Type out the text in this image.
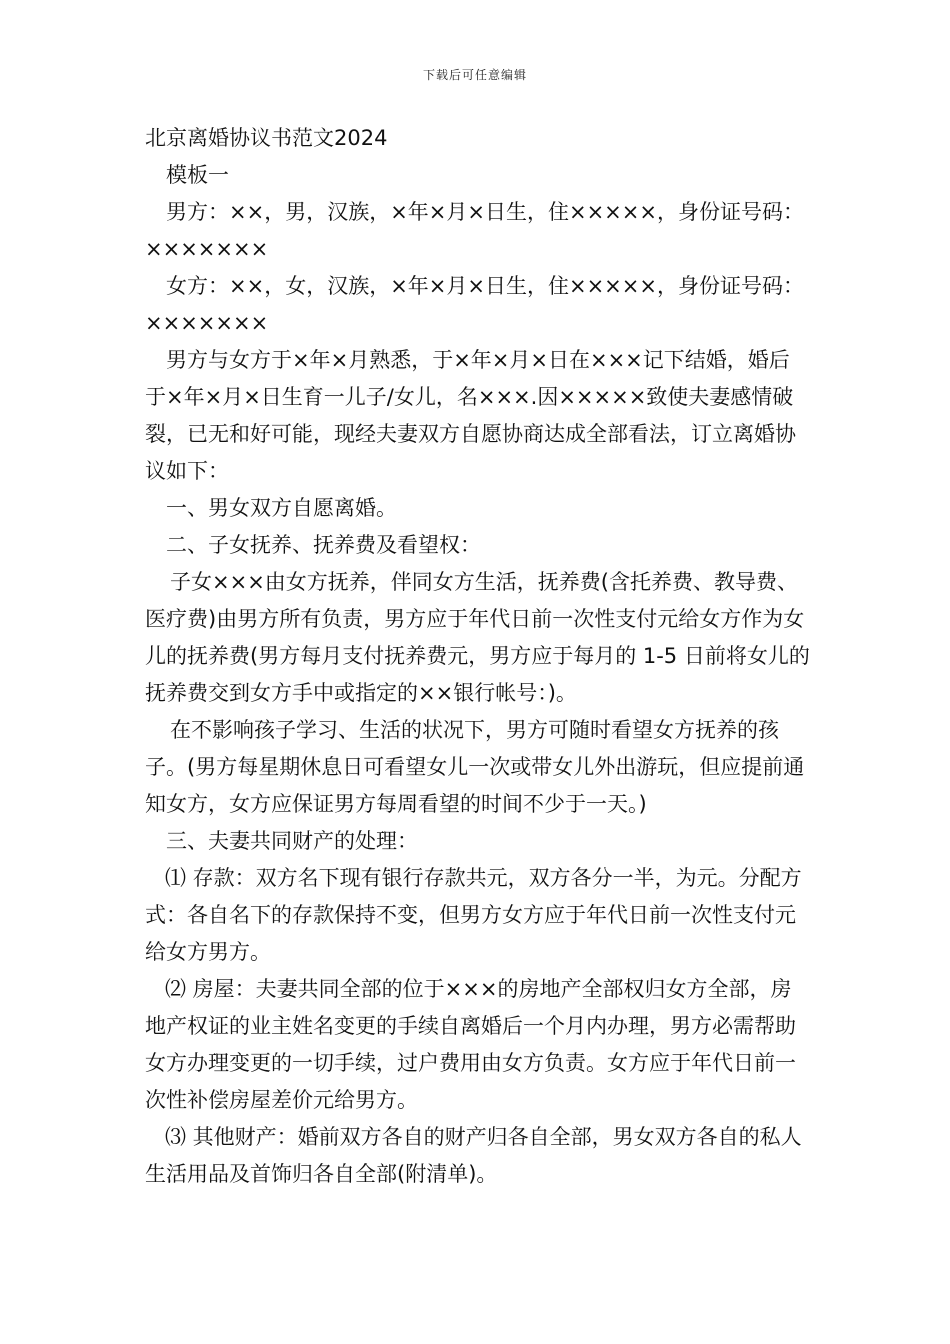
下载后可任意编辑

北京离婚协议书范文2024

模板一

男方：××，男，汉族，×年×月×日生，住×××××，身份证号码：×××××××

女方：××，女，汉族，×年×月×日生，住×××××，身份证号码：×××××××

男方与女方于×年×月熟悉，于×年×月×日在×××记下结婚，婚后于×年×月×日生育一儿子/女儿，名×××.因×××××致使夫妻感情破裂，已无和好可能，现经夫妻双方自愿协商达成全部看法，订立离婚协议如下：

一、男女双方自愿离婚。

二、子女抚养、抚养费及看望权：

子女×××由女方抚养，伴同女方生活，抚养费(含托养费、教导费、医疗费)由男方所有负责，男方应于年代日前一次性支付元给女方作为女儿的抚养费(男方每月支付抚养费元，男方应于每月的 1-5 日前将女儿的抚养费交到女方手中或指定的××银行帐号：)。

在不影响孩子学习、生活的状况下，男方可随时看望女方抚养的孩子。(男方每星期休息日可看望女儿一次或带女儿外出游玩，但应提前通知女方，女方应保证男方每周看望的时间不少于一天。)

三、夫妻共同财产的处理：

⑴ 存款：双方名下现有银行存款共元，双方各分一半，为元。分配方式：各自名下的存款保持不变，但男方女方应于年代日前一次性支付元给女方男方。

⑵ 房屋：夫妻共同全部的位于×××的房地产全部权归女方全部，房地产权证的业主姓名变更的手续自离婚后一个月内办理，男方必需帮助女方办理变更的一切手续，过户费用由女方负责。女方应于年代日前一次性补偿房屋差价元给男方。

⑶ 其他财产：婚前双方各自的财产归各自全部，男女双方各自的私人生活用品及首饰归各自全部(附清单)。
